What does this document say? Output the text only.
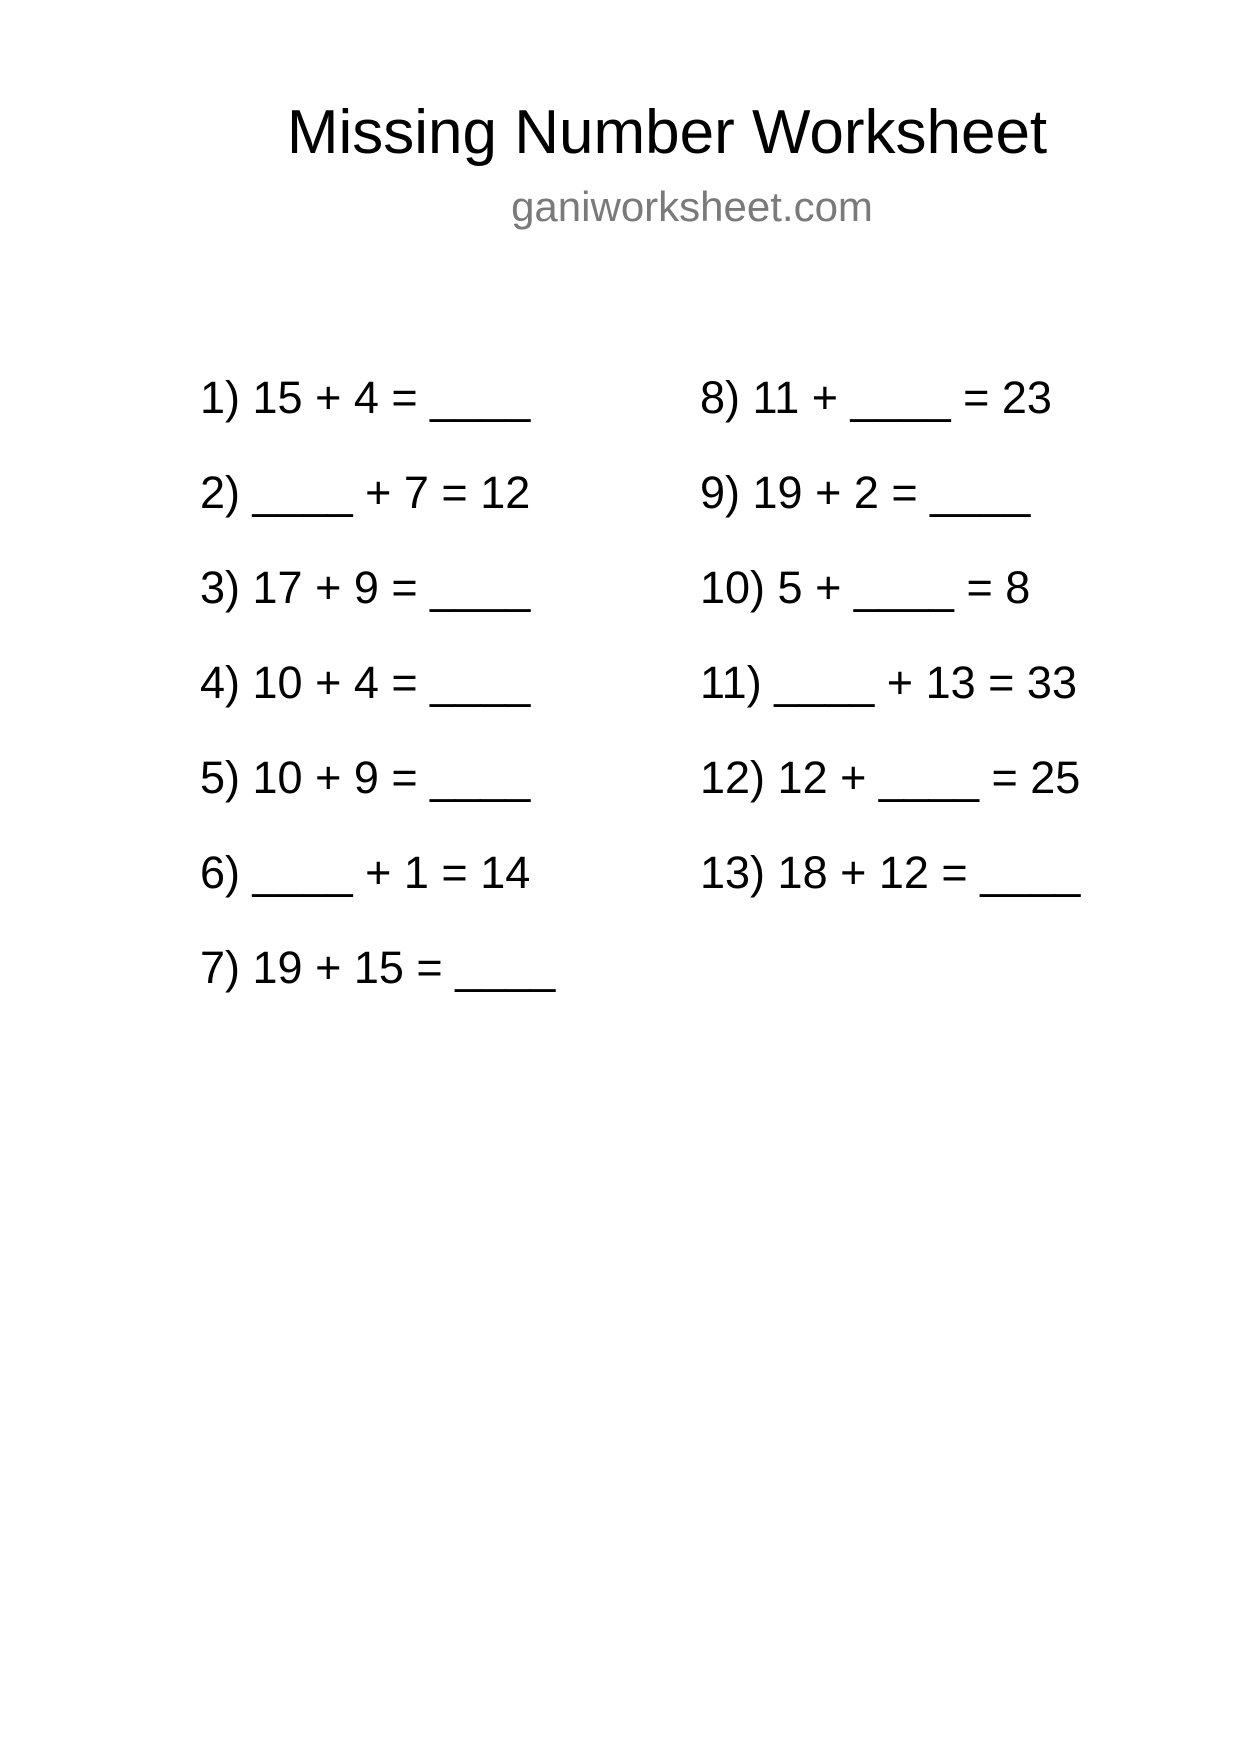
Missing Number Worksheet
ganiworksheet.com
1) 15 + 4 = ____
2) ____ + 7 = 12
3) 17 + 9 = ____
4) 10 + 4 = ____
5) 10 + 9 = ____
6) ____ + 1 = 14
7) 19 + 15 = ____
8) 11 + ____ = 23
9) 19 + 2 = ____
10) 5 + ____ = 8
11) ____ + 13 = 33
12) 12 + ____ = 25
13) 18 + 12 = ____
